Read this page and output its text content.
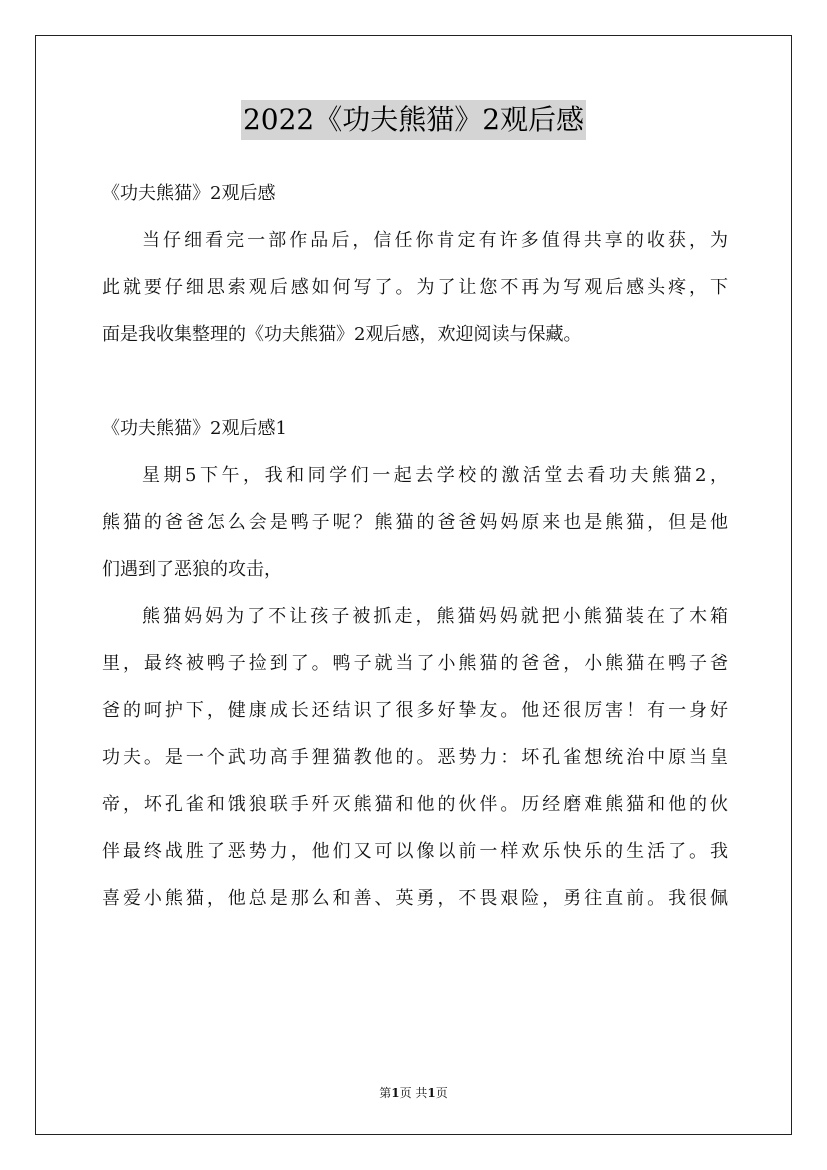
2022《功夫熊猫》2观后感
《功夫熊猫》2观后感
当仔细看完一部作品后，信任你肯定有许多值得共享的收获，为
此就要仔细思索观后感如何写了。为了让您不再为写观后感头疼，下
面是我收集整理的《功夫熊猫》2观后感，欢迎阅读与保藏。
《功夫熊猫》2观后感1
星期5下午，我和同学们一起去学校的激活堂去看功夫熊猫2，
熊猫的爸爸怎么会是鸭子呢？熊猫的爸爸妈妈原来也是熊猫，但是他
们遇到了恶狼的攻击，
熊猫妈妈为了不让孩子被抓走，熊猫妈妈就把小熊猫装在了木箱
里，最终被鸭子捡到了。鸭子就当了小熊猫的爸爸，小熊猫在鸭子爸
爸的呵护下，健康成长还结识了很多好挚友。他还很厉害！有一身好
功夫。是一个武功高手狸猫教他的。恶势力：坏孔雀想统治中原当皇
帝，坏孔雀和饿狼联手歼灭熊猫和他的伙伴。历经磨难熊猫和他的伙
伴最终战胜了恶势力，他们又可以像以前一样欢乐快乐的生活了。我
喜爱小熊猫，他总是那么和善、英勇，不畏艰险，勇往直前。我很佩
第1页 共1页
